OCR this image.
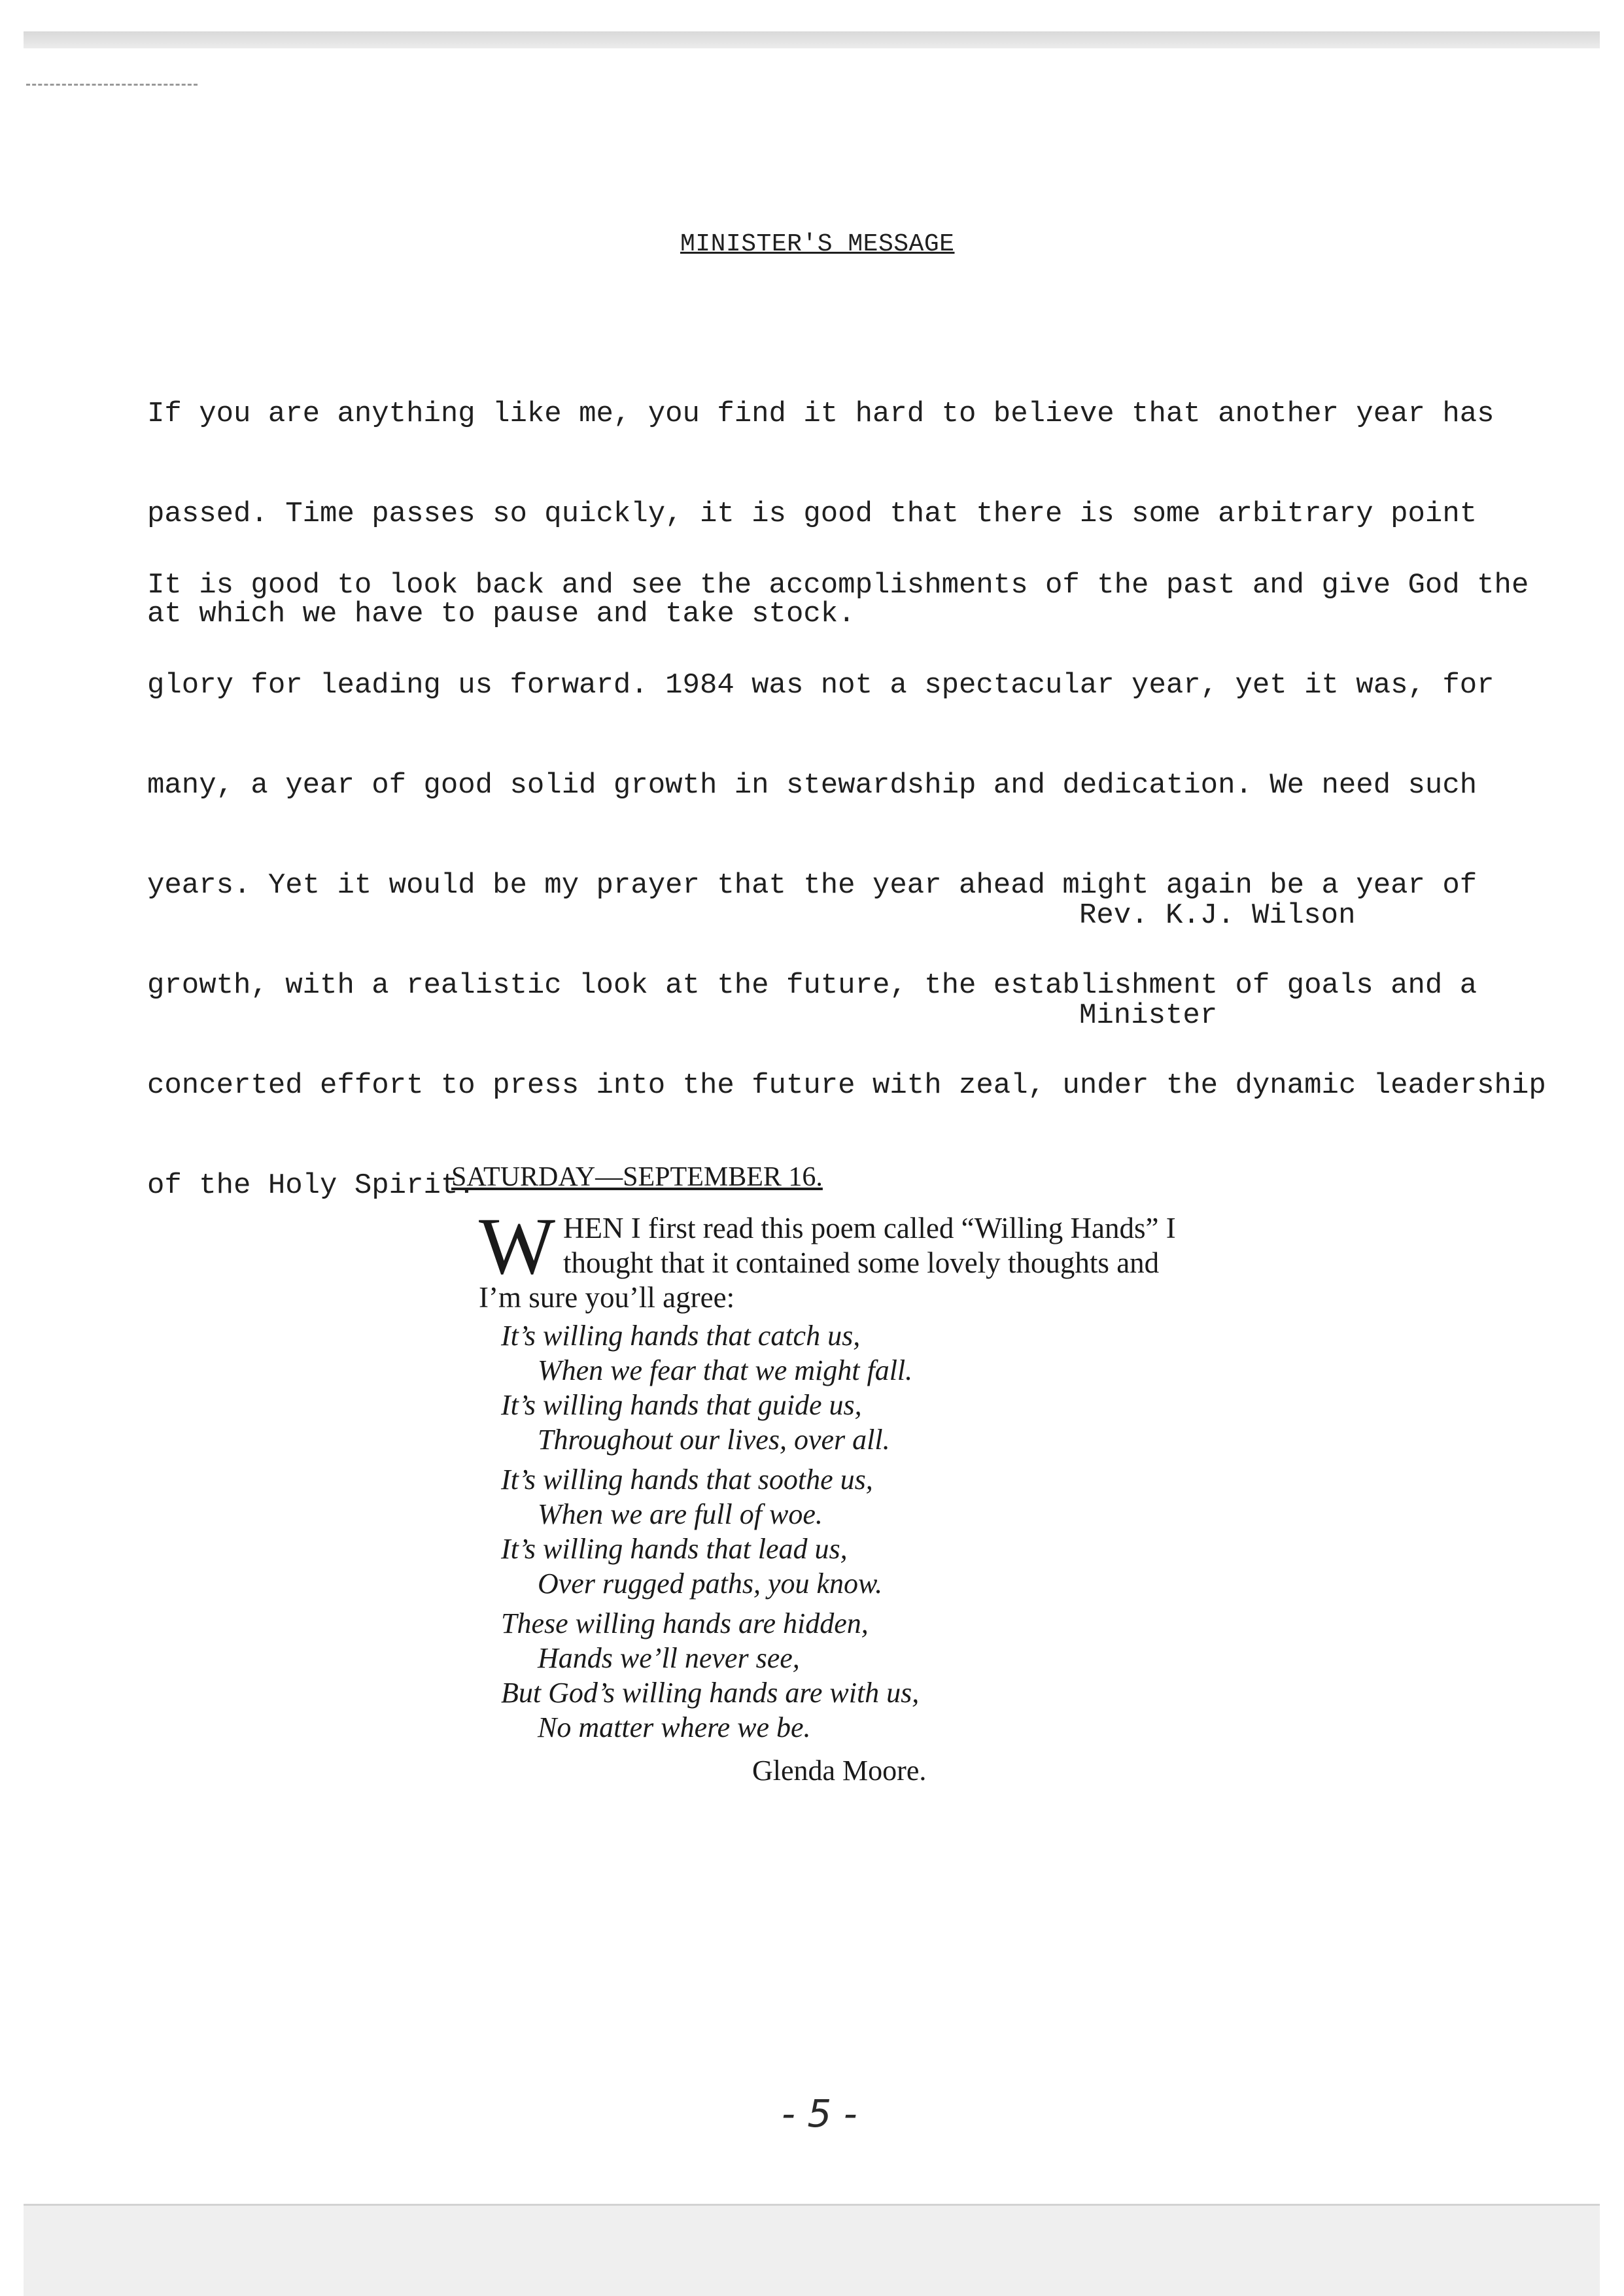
MINISTER'S MESSAGE

If you are anything like me, you find it hard to believe that another year has

passed. Time passes so quickly, it is good that there is some arbitrary point

at which we have to pause and take stock.

It is good to look back and see the accomplishments of the past and give God the

glory for leading us forward. 1984 was not a spectacular year, yet it was, for

many, a year of good solid growth in stewardship and dedication. We need such

years. Yet it would be my prayer that the year ahead might again be a year of

growth, with a realistic look at the future, the establishment of goals and a

concerted effort to press into the future with zeal, under the dynamic leadership

of the Holy Spirit.

Rev. K.J. Wilson

Minister

SATURDAY—SEPTEMBER 16.
W HEN I first read this poem called “Willing Hands” I thought that it contained some lovely thoughts and I’m sure you’ll agree:
It’s willing hands that catch us,
When we fear that we might fall.
It’s willing hands that guide us,
Throughout our lives, over all.
It’s willing hands that soothe us,
When we are full of woe.
It’s willing hands that lead us,
Over rugged paths, you know.
These willing hands are hidden,
Hands we’ll never see,
But God’s willing hands are with us,
No matter where we be.
Glenda Moore.
- 5 -
